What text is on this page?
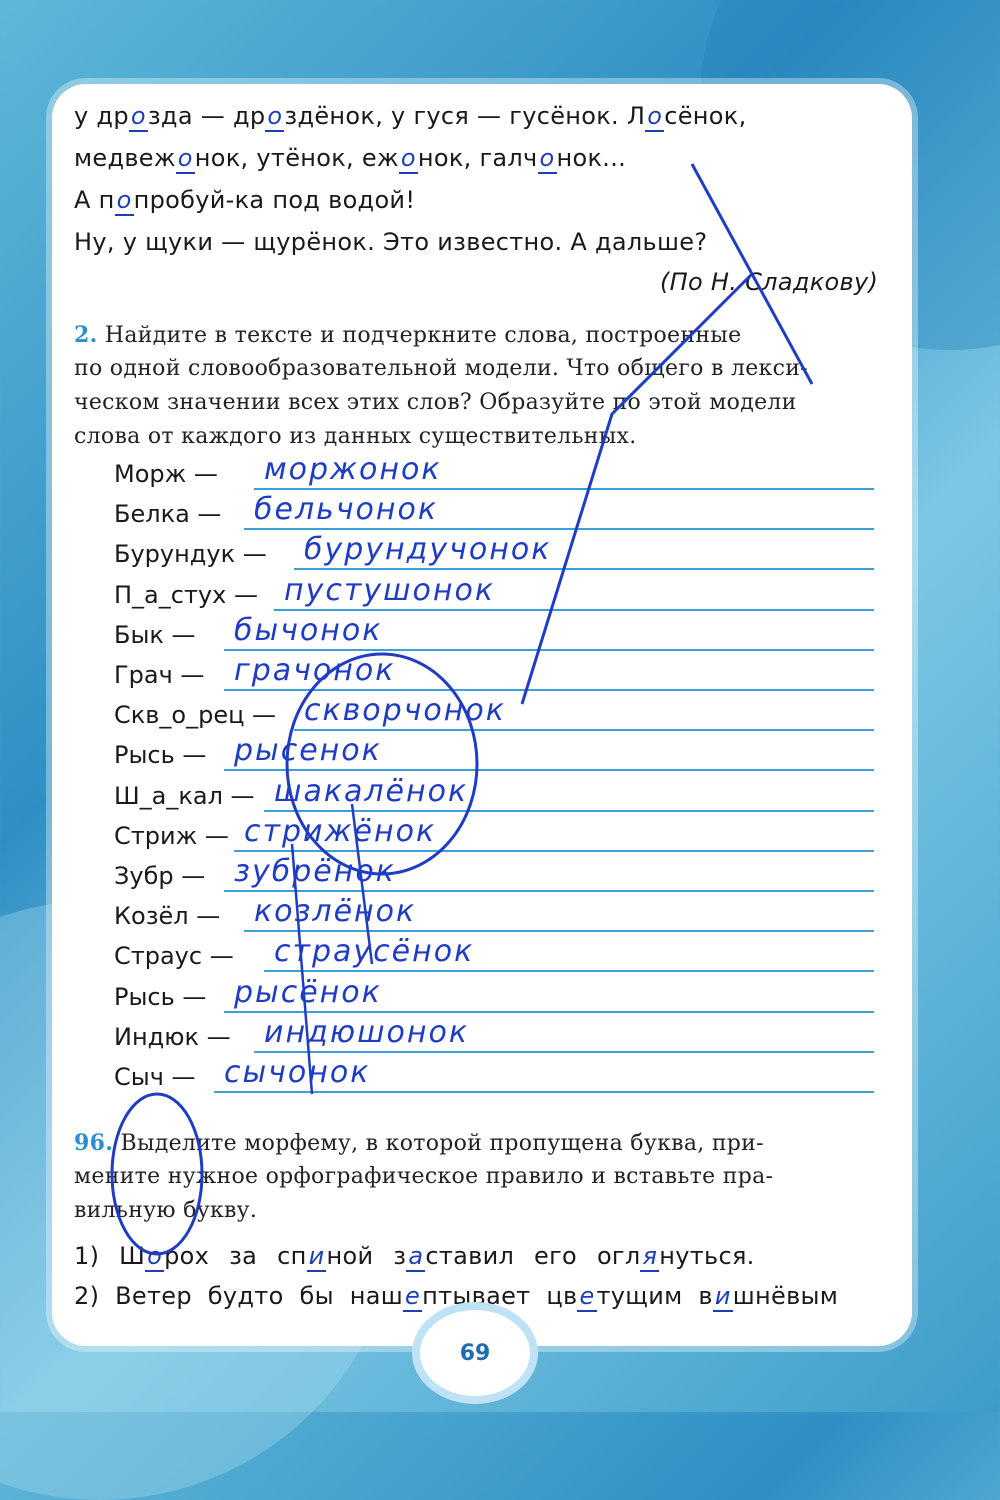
у дрозда — дроздёнок, у гуся — гусёнок. Лосёнок,
медвежонок, утёнок, ежонок, галчонок...
А попробуй-ка под водой!
Ну, у щуки — щурёнок. Это известно. А дальше?
(По Н. Сладкову)
2. Найдите в тексте и подчеркните слова, построенные
по одной словообразовательной модели. Что общего в лекси-
ческом значении всех этих слов? Образуйте по этой модели
слова от каждого из данных существительных.
Морж — моржонок
Белка — бельчонок
Бурундук — бурундучонок
П_а_стух — пустушонок
Бык — бычонок
Грач — грачонок
Скв_о_рец — скворчонок
Рысь — рысенок
Ш_а_кал — шакалёнок
Стриж — стрижёнок
Зубр — зубрёнок
Козёл — козлёнок
Страус — страусёнок
Рысь — рысёнок
Индюк — индюшонок
Сыч — сычонок
96. Выделите морфему, в которой пропущена буква, при-
мените нужное орфографическое правило и вставьте пра-
вильную букву.
1) Шорох за спиной заставил его оглянуться.
2) Ветер будто бы нашептывает цветущим вишнёвым
69
